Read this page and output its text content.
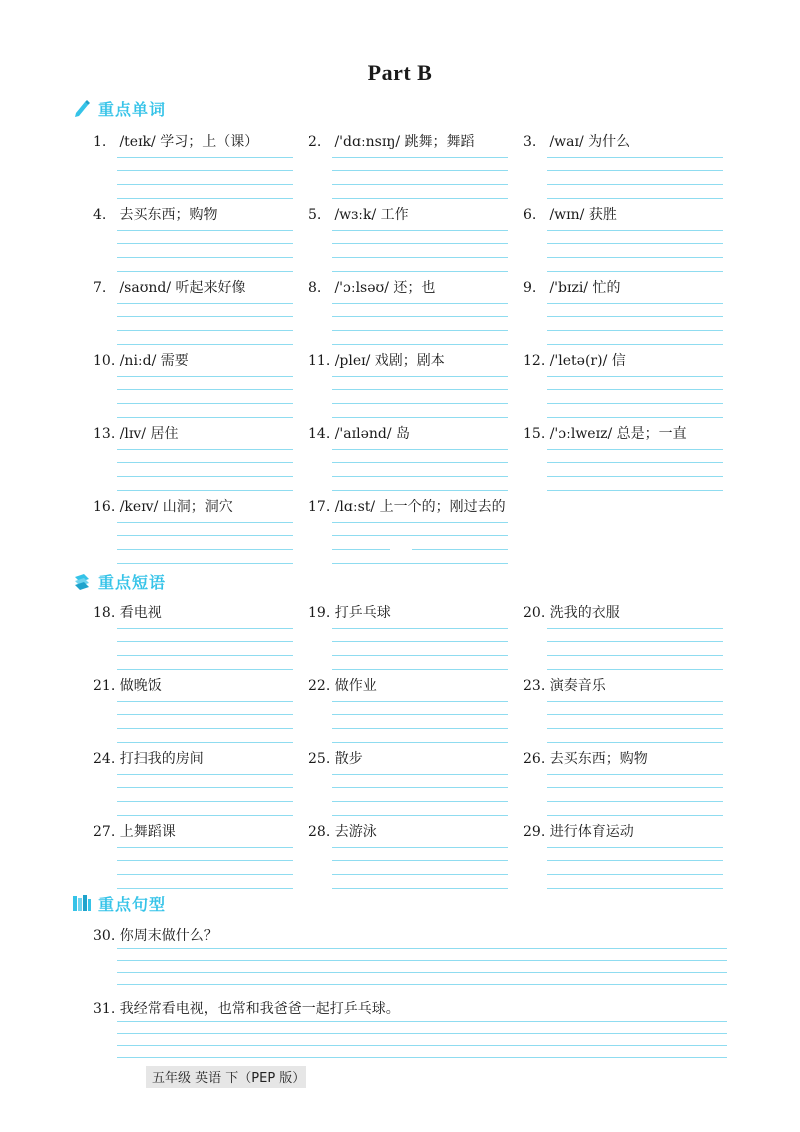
Part B
重点单词
重点短语
重点句型
1. /teɪk/ 学习；上（课）	2. /'dɑːnsɪŋ/ 跳舞；舞蹈	3. /waɪ/ 为什么
4. 去买东西；购物	5. /wɜːk/ 工作	6. /wɪn/ 获胜
7. /saʊnd/ 听起来好像	8. /'ɔːlsəʊ/ 还；也	9. /'bɪzi/ 忙的
10. /niːd/ 需要	11. /pleɪ/ 戏剧；剧本	12. /'letə(r)/ 信
13. /lɪv/ 居住	14. /'aɪlənd/ 岛	15. /'ɔːlweɪz/ 总是；一直
16. /keɪv/ 山洞；洞穴	17. /lɑːst/ 上一个的；刚过去的
18. 看电视	19. 打乒乓球	20. 洗我的衣服
21. 做晚饭	22. 做作业	23. 演奏音乐
24. 打扫我的房间	25. 散步	26. 去买东西；购物
27. 上舞蹈课	28. 去游泳	29. 进行体育运动
30. 你周末做什么？
31. 我经常看电视，也常和我爸爸一起打乒乓球。
五年级 英语 下（PEP 版）
